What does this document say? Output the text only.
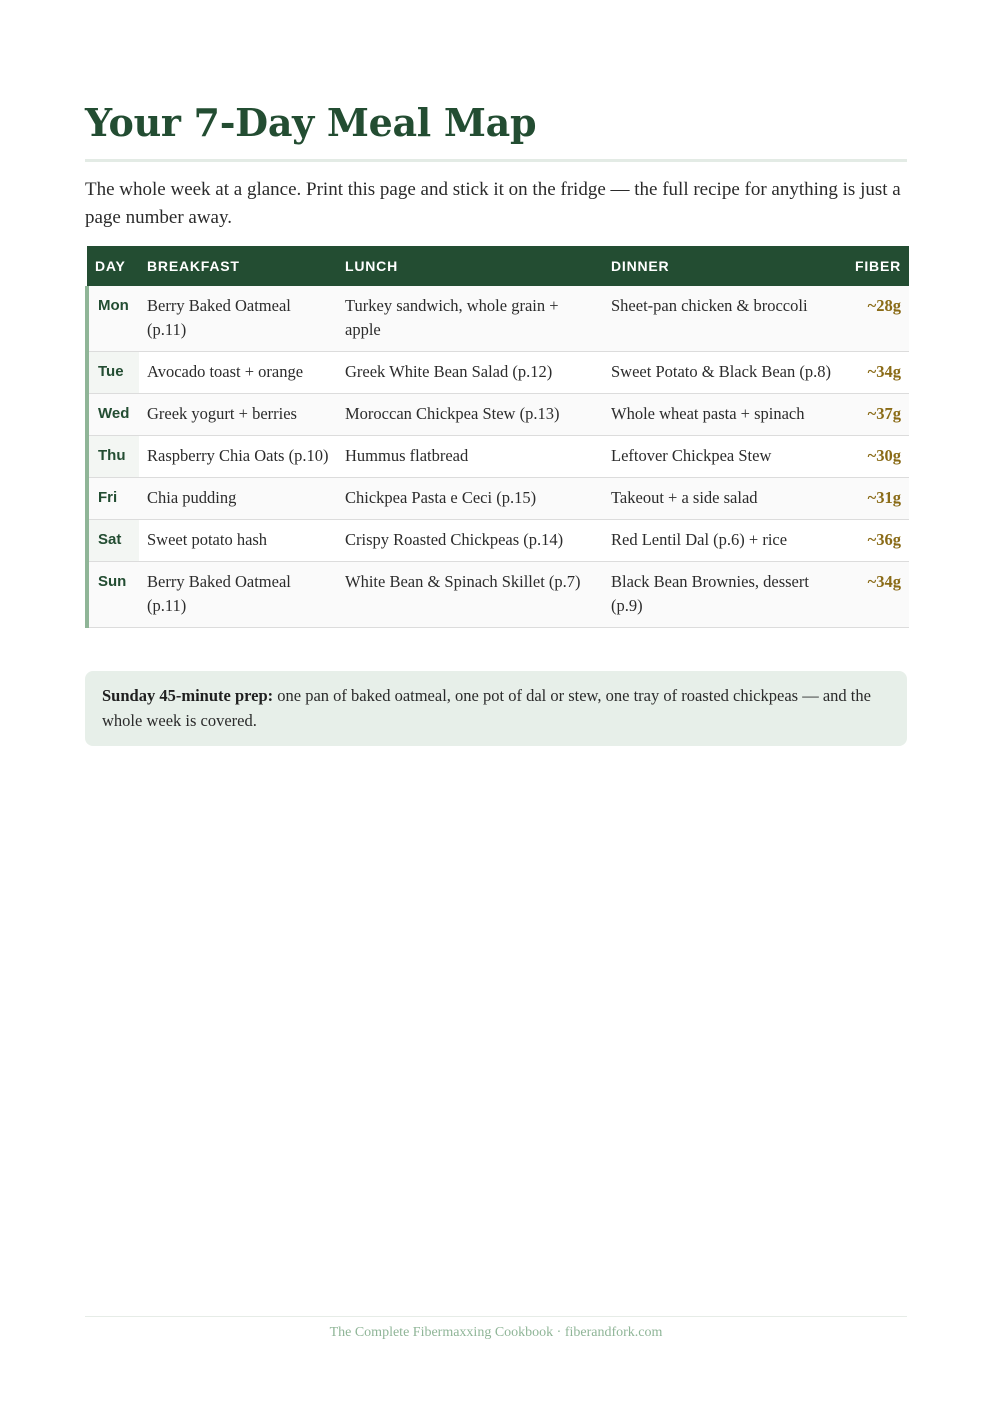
Your 7-Day Meal Map

The whole week at a glance. Print this page and stick it on the fridge — the full recipe for anything is just a page number away.

DAY	BREAKFAST	LUNCH	DINNER	FIBER
Mon	Berry Baked Oatmeal (p.11)	Turkey sandwich, whole grain + apple	Sheet-pan chicken & broccoli	~28g
Tue	Avocado toast + orange	Greek White Bean Salad (p.12)	Sweet Potato & Black Bean (p.8)	~34g
Wed	Greek yogurt + berries	Moroccan Chickpea Stew (p.13)	Whole wheat pasta + spinach	~37g
Thu	Raspberry Chia Oats (p.10)	Hummus flatbread	Leftover Chickpea Stew	~30g
Fri	Chia pudding	Chickpea Pasta e Ceci (p.15)	Takeout + a side salad	~31g
Sat	Sweet potato hash	Crispy Roasted Chickpeas (p.14)	Red Lentil Dal (p.6) + rice	~36g
Sun	Berry Baked Oatmeal (p.11)	White Bean & Spinach Skillet (p.7)	Black Bean Brownies, dessert (p.9)	~34g
Sunday 45-minute prep: one pan of baked oatmeal, one pot of dal or stew, one tray of roasted chickpeas — and the whole week is covered.
The Complete Fibermaxxing Cookbook · fiberandfork.com
